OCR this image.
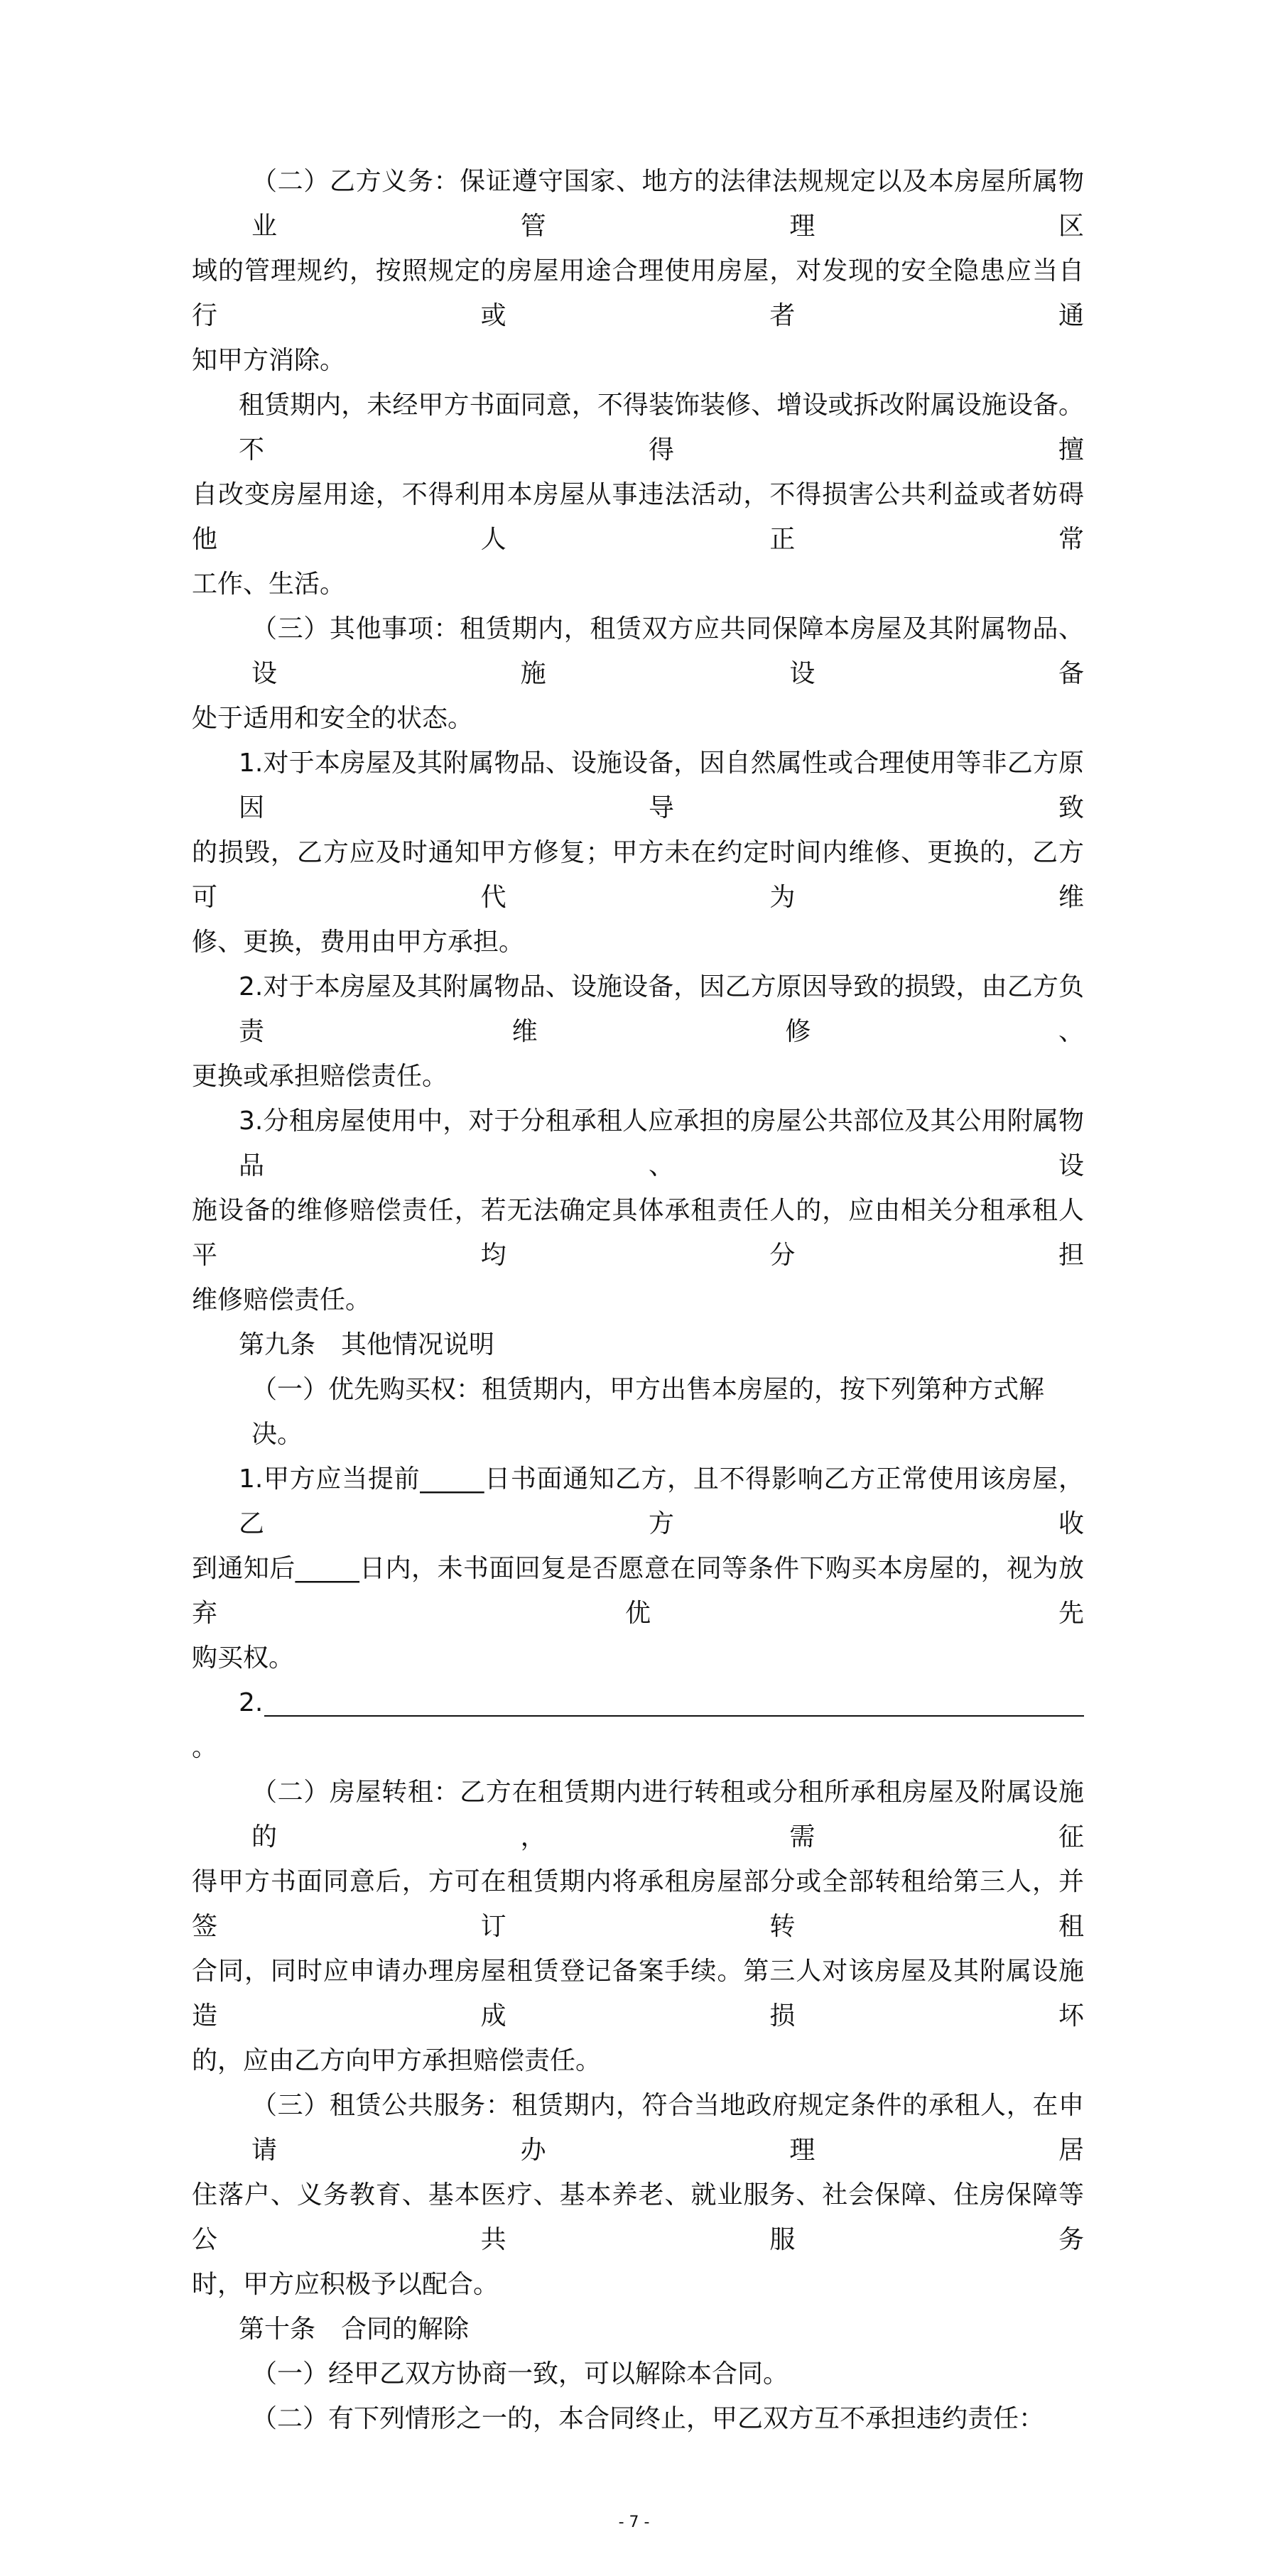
（二）乙方义务：保证遵守国家、地方的法律法规规定以及本房屋所属物业管理区
域的管理规约，按照规定的房屋用途合理使用房屋，对发现的安全隐患应当自行或者通
知甲方消除。
租赁期内，未经甲方书面同意，不得装饰装修、增设或拆改附属设施设备。不得擅
自改变房屋用途，不得利用本房屋从事违法活动，不得损害公共利益或者妨碍他人正常
工作、生活。
（三）其他事项：租赁期内，租赁双方应共同保障本房屋及其附属物品、设施设备
处于适用和安全的状态。
1.对于本房屋及其附属物品、设施设备，因自然属性或合理使用等非乙方原因导致
的损毁，乙方应及时通知甲方修复；甲方未在约定时间内维修、更换的，乙方可代为维
修、更换，费用由甲方承担。
2.对于本房屋及其附属物品、设施设备，因乙方原因导致的损毁，由乙方负责维修、
更换或承担赔偿责任。
3.分租房屋使用中，对于分租承租人应承担的房屋公共部位及其公用附属物品、设
施设备的维修赔偿责任，若无法确定具体承租责任人的，应由相关分租承租人平均分担
维修赔偿责任。
第九条　其他情况说明
（一）优先购买权：租赁期内，甲方出售本房屋的，按下列第种方式解决。
1.甲方应当提前_____日书面通知乙方，且不得影响乙方正常使用该房屋，乙方收
到通知后_____日内，未书面回复是否愿意在同等条件下购买本房屋的，视为放弃优先
购买权。
2.
。
（二）房屋转租：乙方在租赁期内进行转租或分租所承租房屋及附属设施的，需征
得甲方书面同意后，方可在租赁期内将承租房屋部分或全部转租给第三人，并签订转租
合同，同时应申请办理房屋租赁登记备案手续。第三人对该房屋及其附属设施造成损坏
的，应由乙方向甲方承担赔偿责任。
（三）租赁公共服务：租赁期内，符合当地政府规定条件的承租人，在申请办理居
住落户、义务教育、基本医疗、基本养老、就业服务、社会保障、住房保障等公共服务
时，甲方应积极予以配合。
第十条　合同的解除
（一）经甲乙双方协商一致，可以解除本合同。
（二）有下列情形之一的，本合同终止，甲乙双方互不承担违约责任：
- 7 -
